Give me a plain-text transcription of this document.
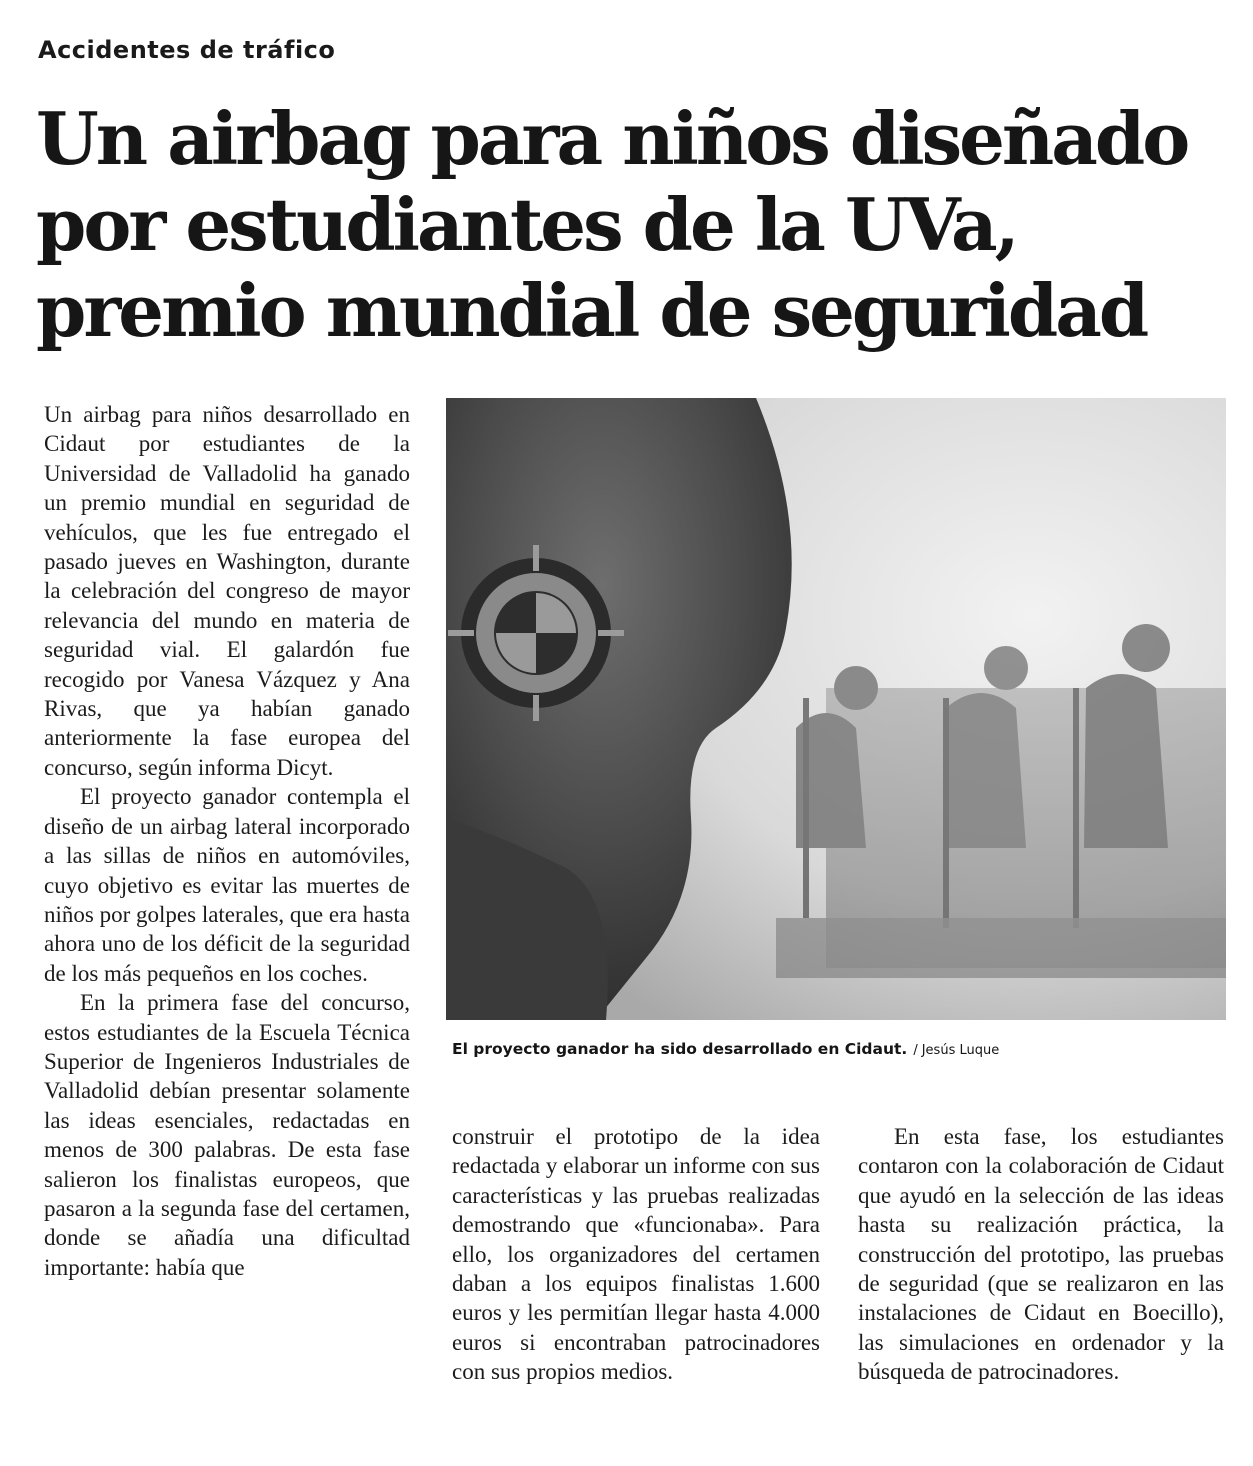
Accidentes de tráfico
Un airbag para niños diseñado
por estudiantes de la UVa,
premio mundial de seguridad

Un airbag para niños desarrollado en Cidaut por estudiantes de la Universidad de Valladolid ha ganado un premio mundial en seguridad de vehículos, que les fue entregado el pasado jueves en Washington, durante la celebración del congreso de mayor relevancia del mundo en materia de seguridad vial. El galardón fue recogido por Vanesa Vázquez y Ana Rivas, que ya habían ganado anteriormente la fase europea del concurso, según informa Dicyt.

El proyecto ganador contempla el diseño de un airbag lateral incorporado a las sillas de niños en automóviles, cuyo objetivo es evitar las muertes de niños por golpes laterales, que era hasta ahora uno de los déficit de la seguridad de los más pequeños en los coches.

En la primera fase del concurso, estos estudiantes de la Escuela Técnica Superior de Ingenieros Industriales de Valladolid debían presentar solamente las ideas esenciales, redactadas en menos de 300 palabras. De esta fase salieron los finalistas europeos, que pasaron a la segunda fase del certamen, donde se añadía una dificultad importante: había que

El proyecto ganador ha sido desarrollado en Cidaut. / Jesús Luque

construir el prototipo de la idea redactada y elaborar un informe con sus características y las pruebas realizadas demostrando que «funcionaba». Para ello, los organizadores del certamen daban a los equipos finalistas 1.600 euros y les permitían llegar hasta 4.000 euros si encontraban patrocinadores con sus propios medios.

En esta fase, los estudiantes contaron con la colaboración de Cidaut que ayudó en la selección de las ideas hasta su realización práctica, la construcción del prototipo, las pruebas de seguridad (que se realizaron en las instalaciones de Cidaut en Boecillo), las simulaciones en ordenador y la búsqueda de patrocinadores.
